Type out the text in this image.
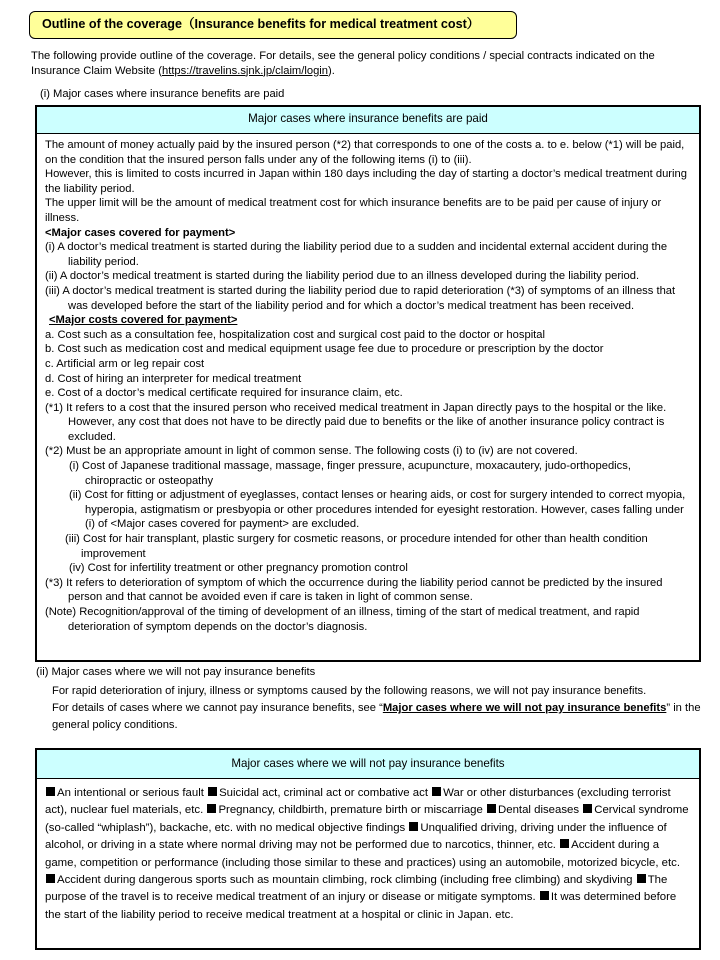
Outline of the coverage（Insurance benefits for medical treatment cost）
The following provide outline of the coverage. For details, see the general policy conditions / special contracts indicated on the Insurance Claim Website (https://travelins.sjnk.jp/claim/login).
(i) Major cases where insurance benefits are paid
Major cases where insurance benefits are paid
The amount of money actually paid by the insured person (*2) that corresponds to one of the costs a. to e. below (*1) will be paid, on the condition that the insured person falls under any of the following items (i) to (iii).
However, this is limited to costs incurred in Japan within 180 days including the day of starting a doctor’s medical treatment during the liability period.
The upper limit will be the amount of medical treatment cost for which insurance benefits are to be paid per cause of injury or illness.
<Major cases covered for payment>
(i) A doctor’s medical treatment is started during the liability period due to a sudden and incidental external accident during the liability period.
(ii) A doctor’s medical treatment is started during the liability period due to an illness developed during the liability period.
(iii) A doctor’s medical treatment is started during the liability period due to rapid deterioration (*3) of symptoms of an illness that was developed before the start of the liability period and for which a doctor’s medical treatment has been received.
<Major costs covered for payment>
a. Cost such as a consultation fee, hospitalization cost and surgical cost paid to the doctor or hospital
b. Cost such as medication cost and medical equipment usage fee due to procedure or prescription by the doctor
c. Artificial arm or leg repair cost
d. Cost of hiring an interpreter for medical treatment
e. Cost of a doctor’s medical certificate required for insurance claim, etc.
(*1) It refers to a cost that the insured person who received medical treatment in Japan directly pays to the hospital or the like. However, any cost that does not have to be directly paid due to benefits or the like of another insurance policy contract is excluded.
(*2) Must be an appropriate amount in light of common sense. The following costs (i) to (iv) are not covered.
(i) Cost of Japanese traditional massage, massage, finger pressure, acupuncture, moxacautery, judo-orthopedics, chiropractic or osteopathy
(ii) Cost for fitting or adjustment of eyeglasses, contact lenses or hearing aids, or cost for surgery intended to correct myopia, hyperopia, astigmatism or presbyopia or other procedures intended for eyesight restoration. However, cases falling under (i) of <Major cases covered for payment> are excluded.
(iii) Cost for hair transplant, plastic surgery for cosmetic reasons, or procedure intended for other than health condition improvement
(iv) Cost for infertility treatment or other pregnancy promotion control
(*3) It refers to deterioration of symptom of which the occurrence during the liability period cannot be predicted by the insured person and that cannot be avoided even if care is taken in light of common sense.
(Note) Recognition/approval of the timing of development of an illness, timing of the start of medical treatment, and rapid deterioration of symptom depends on the doctor’s diagnosis.
(ii) Major cases where we will not pay insurance benefits
For rapid deterioration of injury, illness or symptoms caused by the following reasons, we will not pay insurance benefits.
For details of cases where we cannot pay insurance benefits, see “Major cases where we will not pay insurance benefits” in the general policy conditions.
Major cases where we will not pay insurance benefits
An intentional or serious fault Suicidal act, criminal act or combative act War or other disturbances (excluding terrorist act), nuclear fuel materials, etc. Pregnancy, childbirth, premature birth or miscarriage Dental diseases Cervical syndrome (so-called “whiplash”), backache, etc. with no medical objective findings Unqualified driving, driving under the influence of alcohol, or driving in a state where normal driving may not be performed due to narcotics, thinner, etc. Accident during a game, competition or performance (including those similar to these and practices) using an automobile, motorized bicycle, etc. Accident during dangerous sports such as mountain climbing, rock climbing (including free climbing) and skydiving The purpose of the travel is to receive medical treatment of an injury or disease or mitigate symptoms. It was determined before the start of the liability period to receive medical treatment at a hospital or clinic in Japan. etc.
